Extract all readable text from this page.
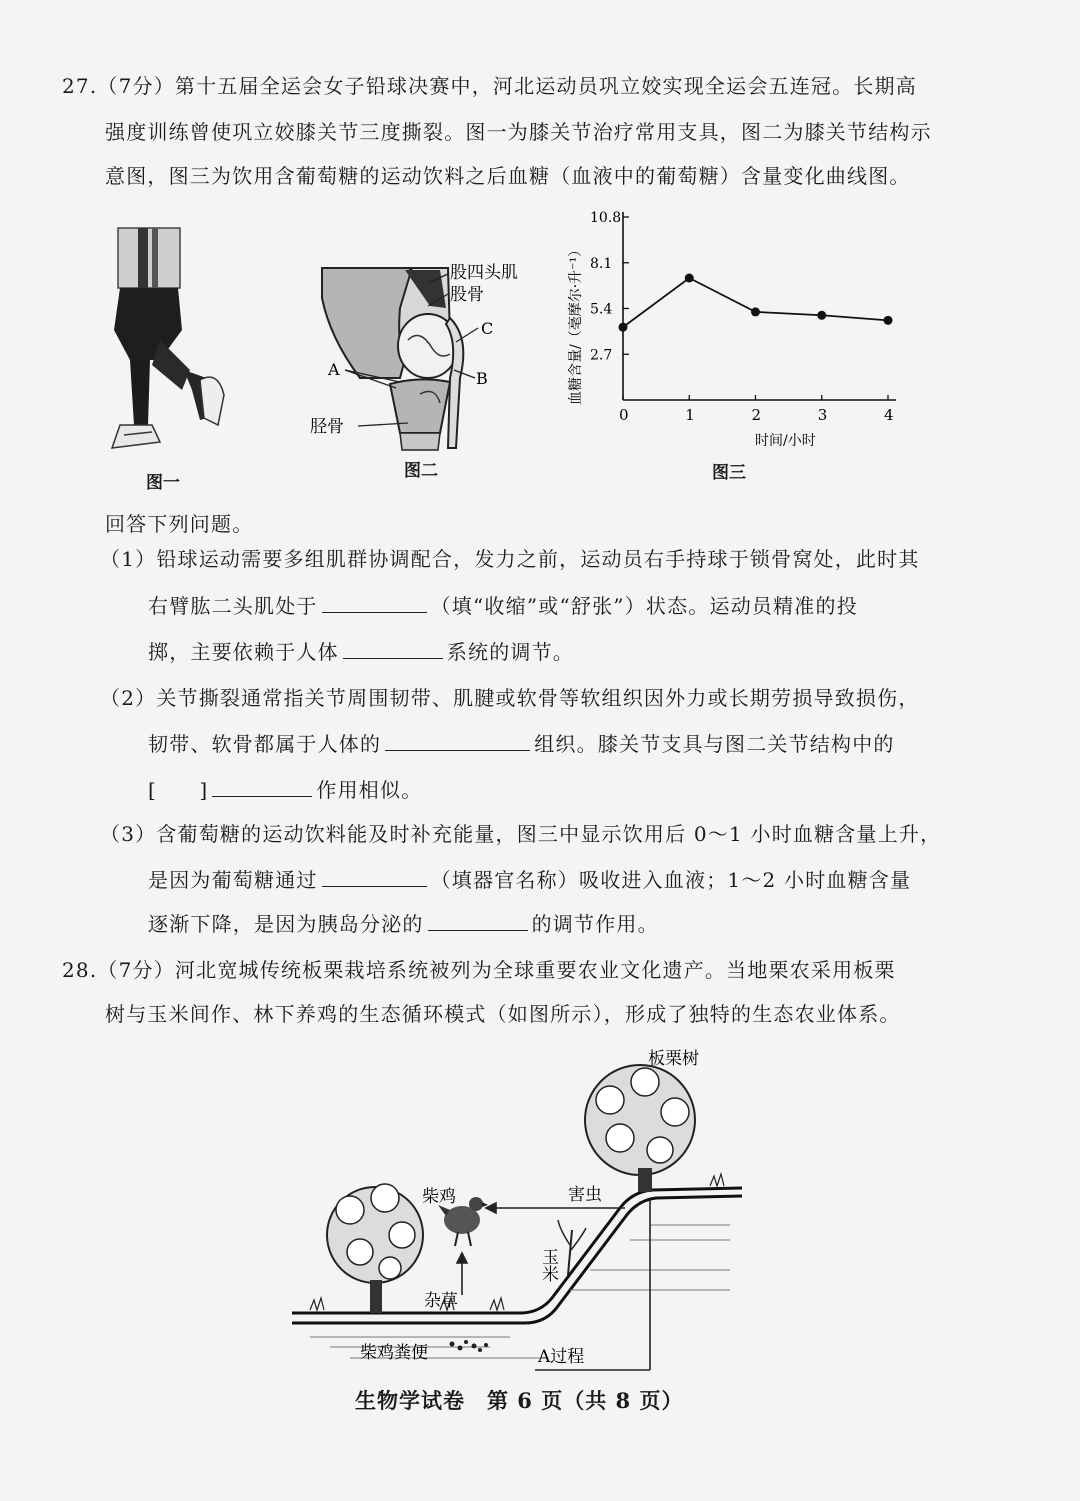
27.（7分）第十五届全运会女子铅球决赛中，河北运动员巩立姣实现全运会五连冠。长期高
强度训练曾使巩立姣膝关节三度撕裂。图一为膝关节治疗常用支具，图二为膝关节结构示
意图，图三为饮用含葡萄糖的运动饮料之后血糖（血液中的葡萄糖）含量变化曲线图。
图一
股四头肌
股骨
C
A	B
胫骨
图二
血糖含量/（毫摩尔·升⁻¹）
时间/小时
0	1	2	3	4
2.7
5.4
8.1
10.8
图三
回答下列问题。
（1）铅球运动需要多组肌群协调配合，发力之前，运动员右手持球于锁骨窝处，此时其
右臂肱二头肌处于	（填“收缩”或“舒张”）状态。运动员精准的投
掷，主要依赖于人体	系统的调节。
（2）关节撕裂通常指关节周围韧带、肌腱或软骨等软组织因外力或长期劳损导致损伤，
韧带、软骨都属于人体的	组织。膝关节支具与图二关节结构中的
[　　]	作用相似。
（3）含葡萄糖的运动饮料能及时补充能量，图三中显示饮用后 0～1 小时血糖含量上升，
是因为葡萄糖通过	（填器官名称）吸收进入血液；1～2 小时血糖含量
逐渐下降，是因为胰岛分泌的	的调节作用。
28.（7分）河北宽城传统板栗栽培系统被列为全球重要农业文化遗产。当地栗农采用板栗
树与玉米间作、林下养鸡的生态循环模式（如图所示），形成了独特的生态农业体系。
板栗树
柴鸡	害虫
玉米
杂草
柴鸡粪便	A过程
生物学试卷　第 6 页（共 8 页）
